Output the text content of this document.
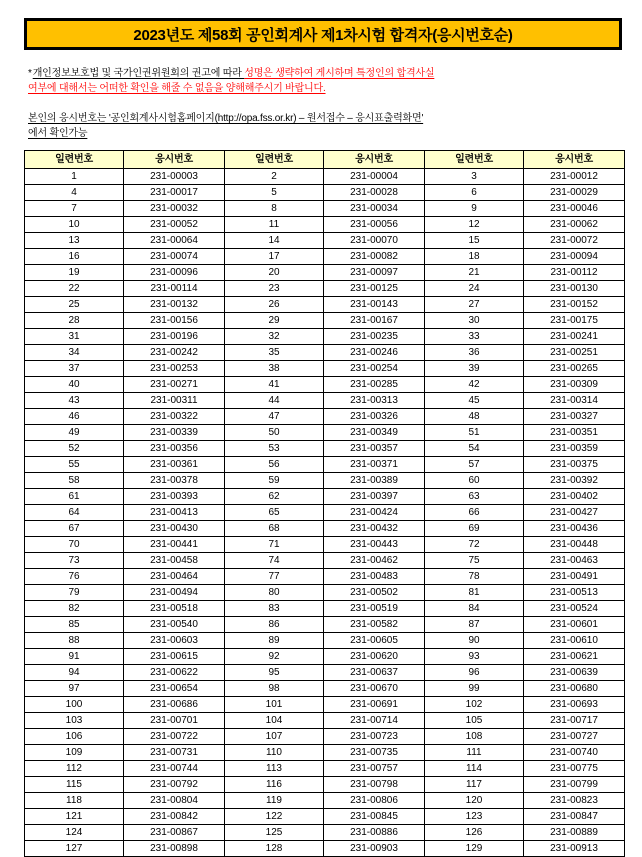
2023년도 제58회 공인회계사 제1차시험 합격자(응시번호순)

*개인정보보호법 및 국가인권위원회의 권고에 따라 성명은 생략하여 게시하며 특정인의 합격사실
여부에 대해서는 어떠한 확인을 해줄 수 없음을 양해해주시기 바랍니다.

본인의 응시번호는 '공인회계사시험홈페이지(http://opa.fss.or.kr) – 원서접수 – 응시표출력화면'
에서 확인가능

일련번호	응시번호	일련번호	응시번호	일련번호	응시번호
1	231-00003	2	231-00004	3	231-00012
4	231-00017	5	231-00028	6	231-00029
7	231-00032	8	231-00034	9	231-00046
10	231-00052	11	231-00056	12	231-00062
13	231-00064	14	231-00070	15	231-00072
16	231-00074	17	231-00082	18	231-00094
19	231-00096	20	231-00097	21	231-00112
22	231-00114	23	231-00125	24	231-00130
25	231-00132	26	231-00143	27	231-00152
28	231-00156	29	231-00167	30	231-00175
31	231-00196	32	231-00235	33	231-00241
34	231-00242	35	231-00246	36	231-00251
37	231-00253	38	231-00254	39	231-00265
40	231-00271	41	231-00285	42	231-00309
43	231-00311	44	231-00313	45	231-00314
46	231-00322	47	231-00326	48	231-00327
49	231-00339	50	231-00349	51	231-00351
52	231-00356	53	231-00357	54	231-00359
55	231-00361	56	231-00371	57	231-00375
58	231-00378	59	231-00389	60	231-00392
61	231-00393	62	231-00397	63	231-00402
64	231-00413	65	231-00424	66	231-00427
67	231-00430	68	231-00432	69	231-00436
70	231-00441	71	231-00443	72	231-00448
73	231-00458	74	231-00462	75	231-00463
76	231-00464	77	231-00483	78	231-00491
79	231-00494	80	231-00502	81	231-00513
82	231-00518	83	231-00519	84	231-00524
85	231-00540	86	231-00582	87	231-00601
88	231-00603	89	231-00605	90	231-00610
91	231-00615	92	231-00620	93	231-00621
94	231-00622	95	231-00637	96	231-00639
97	231-00654	98	231-00670	99	231-00680
100	231-00686	101	231-00691	102	231-00693
103	231-00701	104	231-00714	105	231-00717
106	231-00722	107	231-00723	108	231-00727
109	231-00731	110	231-00735	111	231-00740
112	231-00744	113	231-00757	114	231-00775
115	231-00792	116	231-00798	117	231-00799
118	231-00804	119	231-00806	120	231-00823
121	231-00842	122	231-00845	123	231-00847
124	231-00867	125	231-00886	126	231-00889
127	231-00898	128	231-00903	129	231-00913
